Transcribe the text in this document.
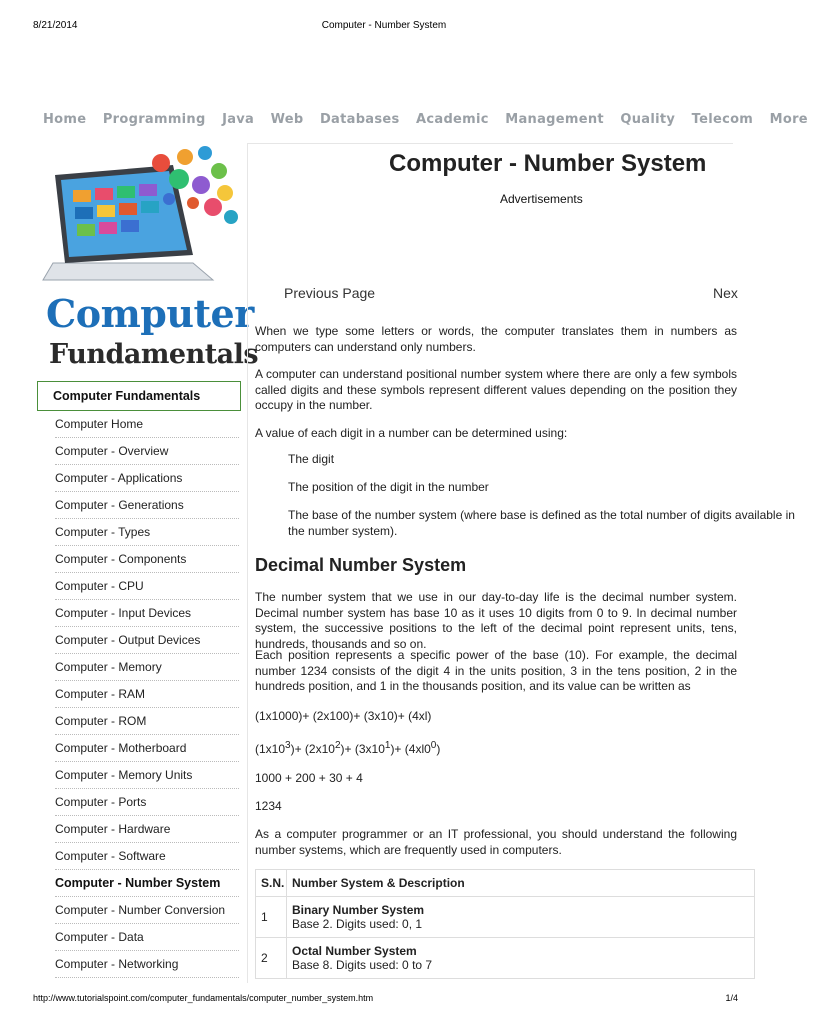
8/21/2014	Computer - Number System
Home Programming Java Web Databases Academic Management Quality Telecom More
Computer
Fundamentals
Computer Fundamentals
Computer Home
Computer - Overview
Computer - Applications
Computer - Generations
Computer - Types
Computer - Components
Computer - CPU
Computer - Input Devices
Computer - Output Devices
Computer - Memory
Computer - RAM
Computer - ROM
Computer - Motherboard
Computer - Memory Units
Computer - Ports
Computer - Hardware
Computer - Software
Computer - Number System
Computer - Number Conversion
Computer - Data
Computer - Networking
Computer - Number System
Advertisements
Previous Page	Nex

When we type some letters or words, the computer translates them in numbers as computers can understand only numbers.

A computer can understand positional number system where there are only a few symbols called digits and these symbols represent different values depending on the position they occupy in the number.

A value of each digit in a number can be determined using:

The digit
The position of the digit in the number
The base of the number system (where base is defined as the total number of digits available in
the number system).
Decimal Number System

The number system that we use in our day-to-day life is the decimal number system. Decimal number system has base 10 as it uses 10 digits from 0 to 9. In decimal number system, the successive positions to the left of the decimal point represent units, tens, hundreds, thousands and so on.

Each position represents a specific power of the base (10). For example, the decimal number 1234 consists of the digit 4 in the units position, 3 in the tens position, 2 in the hundreds position, and 1 in the thousands position, and its value can be written as

(1x1000)+ (2x100)+ (3x10)+ (4xl)
$(1x10^3)+ (2x10^2)+ (3x10^1)+ (4xl0^0)$
1000 + 200 + 30 + 4
1234

As a computer programmer or an IT professional, you should understand the following number systems, which are frequently used in computers.

S.N.	Number System & Description
1	Binary Number System
Base 2. Digits used: 0, 1
2	Octal Number System
Base 8. Digits used: 0 to 7
http://www.tutorialspoint.com/computer_fundamentals/computer_number_system.htm	1/4
